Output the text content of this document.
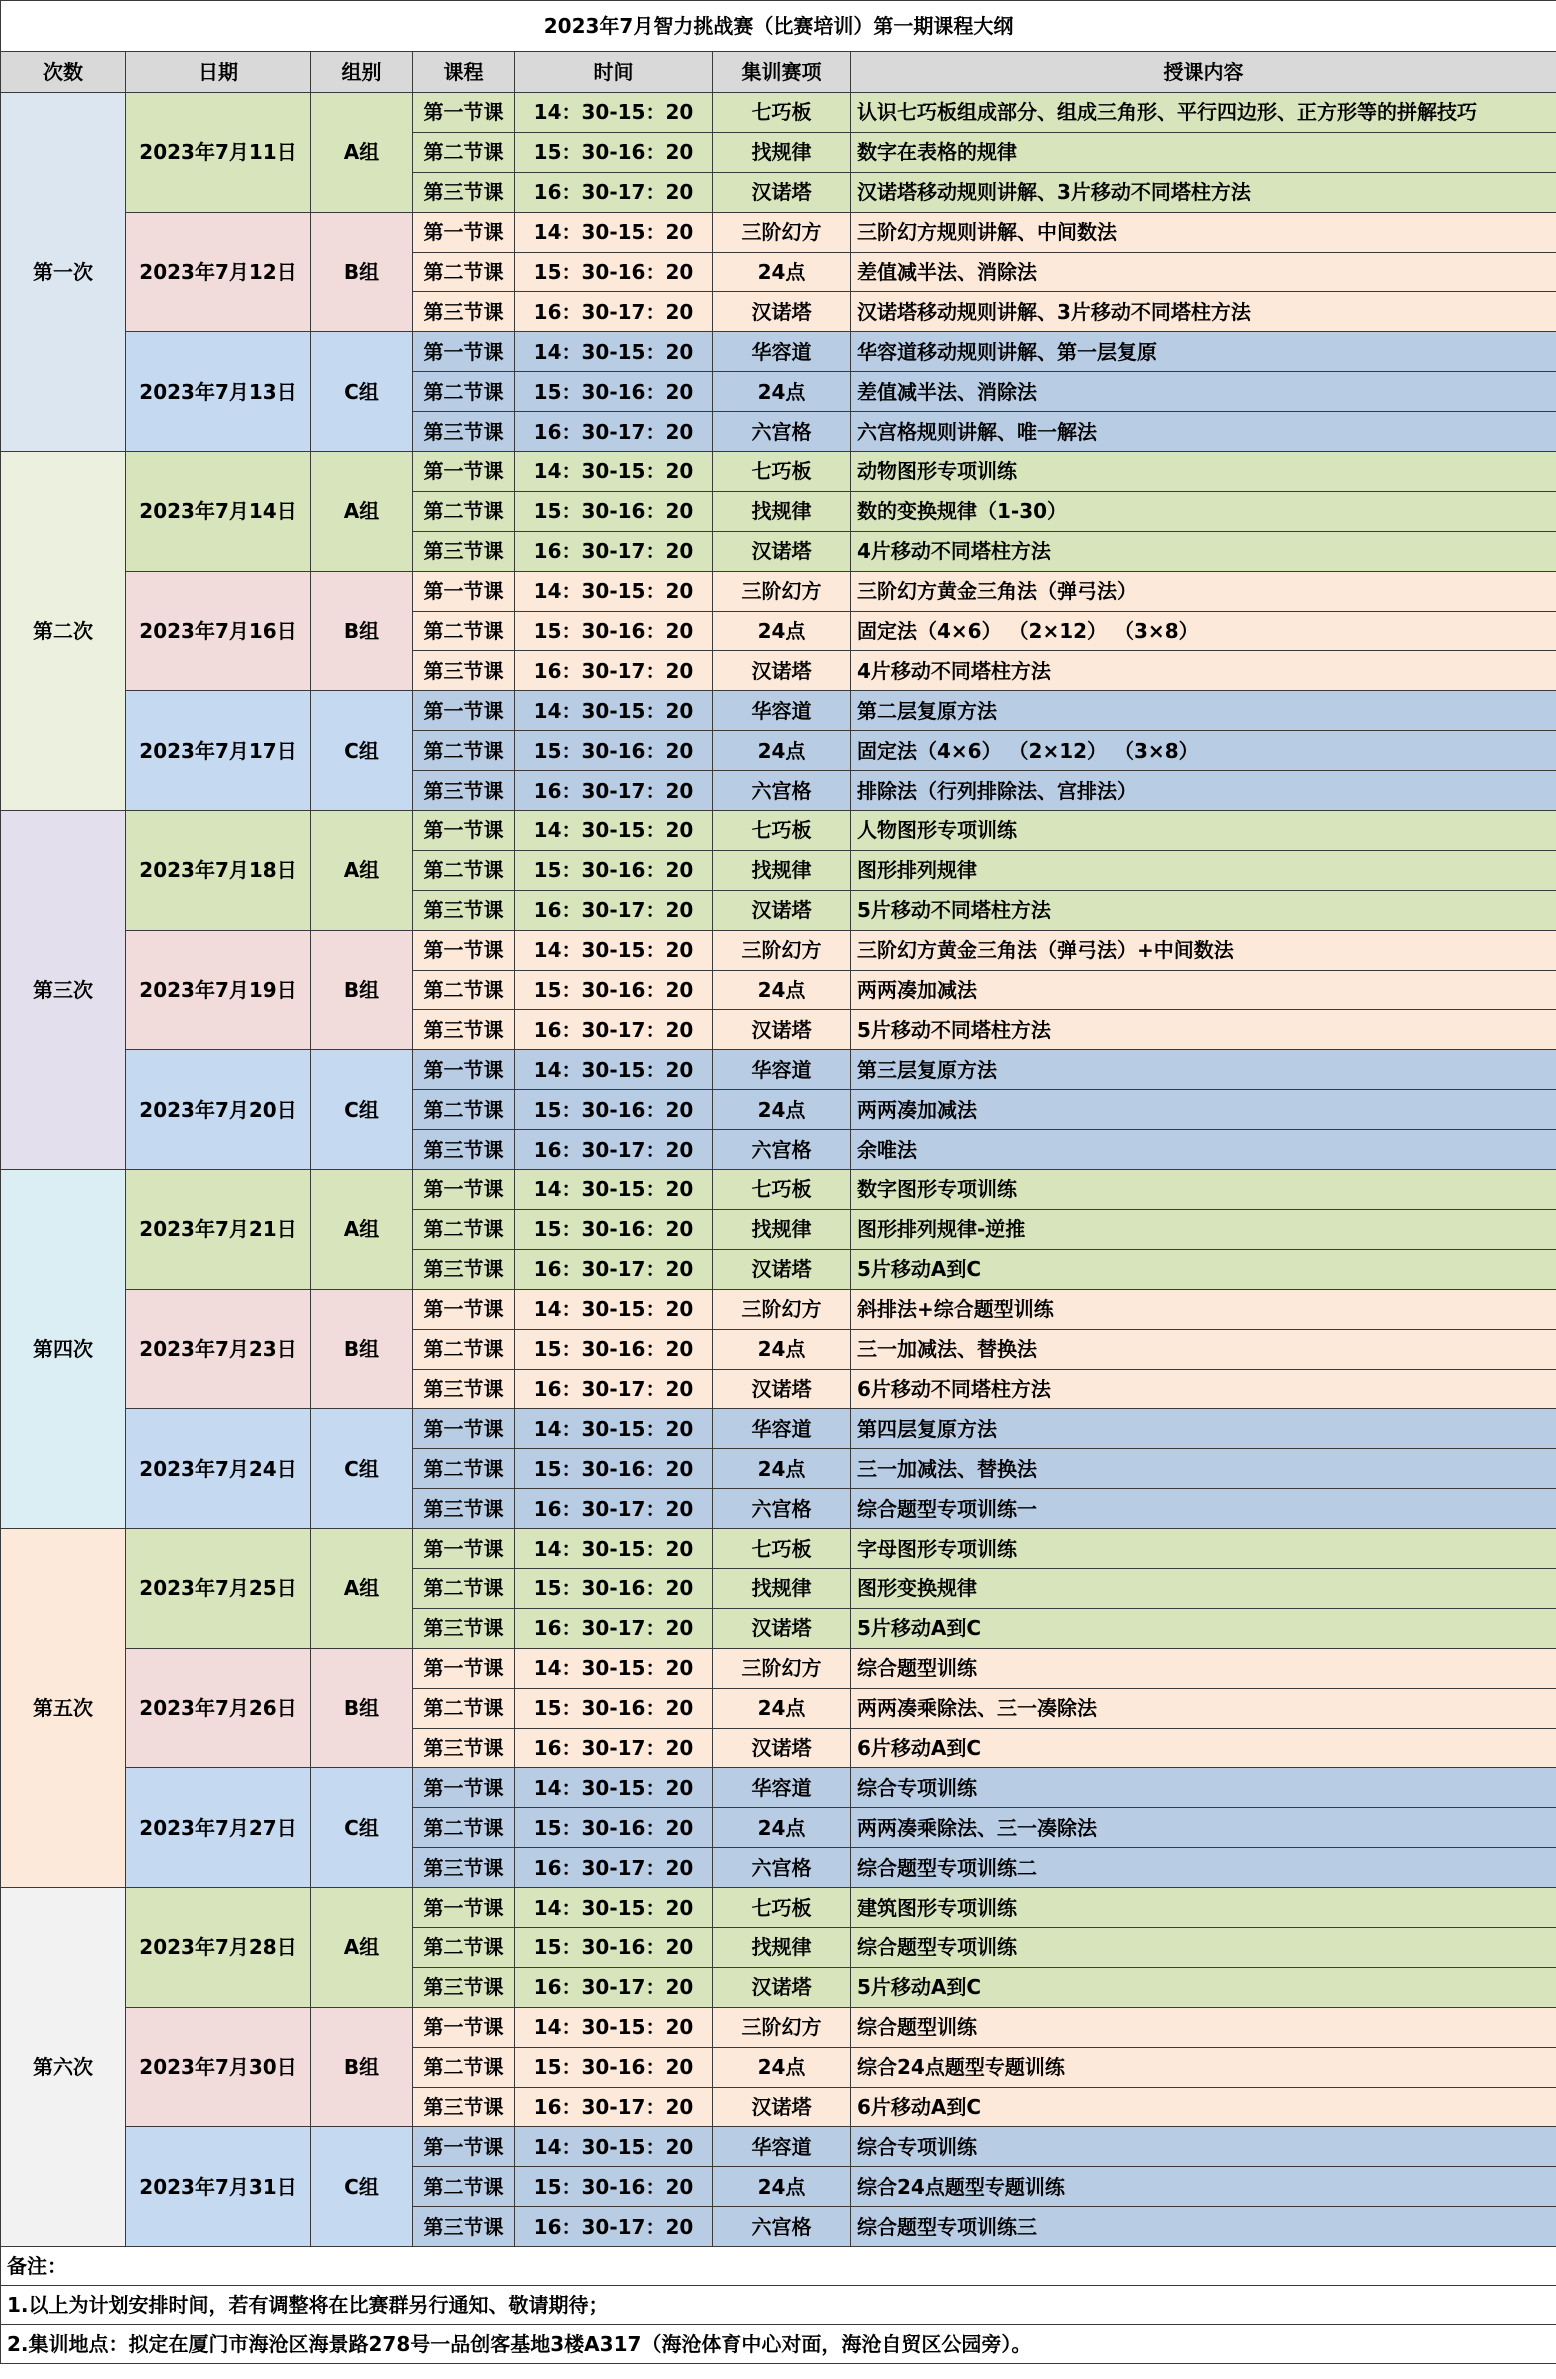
2023年7月智力挑战赛（比赛培训）第一期课程大纲						
次数	日期	组别	课程	时间	集训赛项	授课内容
第一次	2023年7月11日	A组	第一节课	14：30-15：20	七巧板	认识七巧板组成部分、组成三角形、平行四边形、正方形等的拼解技巧
			第二节课	15：30-16：20	找规律	数字在表格的规律
			第三节课	16：30-17：20	汉诺塔	汉诺塔移动规则讲解、3片移动不同塔柱方法
	2023年7月12日	B组	第一节课	14：30-15：20	三阶幻方	三阶幻方规则讲解、中间数法
			第二节课	15：30-16：20	24点	差值减半法、消除法
			第三节课	16：30-17：20	汉诺塔	汉诺塔移动规则讲解、3片移动不同塔柱方法
	2023年7月13日	C组	第一节课	14：30-15：20	华容道	华容道移动规则讲解、第一层复原
			第二节课	15：30-16：20	24点	差值减半法、消除法
			第三节课	16：30-17：20	六宫格	六宫格规则讲解、唯一解法
第二次	2023年7月14日	A组	第一节课	14：30-15：20	七巧板	动物图形专项训练
			第二节课	15：30-16：20	找规律	数的变换规律（1-30）
			第三节课	16：30-17：20	汉诺塔	4片移动不同塔柱方法
	2023年7月16日	B组	第一节课	14：30-15：20	三阶幻方	三阶幻方黄金三角法（弹弓法）
			第二节课	15：30-16：20	24点	固定法（4×6） （2×12） （3×8）
			第三节课	16：30-17：20	汉诺塔	4片移动不同塔柱方法
	2023年7月17日	C组	第一节课	14：30-15：20	华容道	第二层复原方法
			第二节课	15：30-16：20	24点	固定法（4×6） （2×12） （3×8）
			第三节课	16：30-17：20	六宫格	排除法（行列排除法、宫排法）
第三次	2023年7月18日	A组	第一节课	14：30-15：20	七巧板	人物图形专项训练
			第二节课	15：30-16：20	找规律	图形排列规律
			第三节课	16：30-17：20	汉诺塔	5片移动不同塔柱方法
	2023年7月19日	B组	第一节课	14：30-15：20	三阶幻方	三阶幻方黄金三角法（弹弓法）+中间数法
			第二节课	15：30-16：20	24点	两两凑加减法
			第三节课	16：30-17：20	汉诺塔	5片移动不同塔柱方法
	2023年7月20日	C组	第一节课	14：30-15：20	华容道	第三层复原方法
			第二节课	15：30-16：20	24点	两两凑加减法
			第三节课	16：30-17：20	六宫格	余唯法
第四次	2023年7月21日	A组	第一节课	14：30-15：20	七巧板	数字图形专项训练
			第二节课	15：30-16：20	找规律	图形排列规律-逆推
			第三节课	16：30-17：20	汉诺塔	5片移动A到C
	2023年7月23日	B组	第一节课	14：30-15：20	三阶幻方	斜排法+综合题型训练
			第二节课	15：30-16：20	24点	三一加减法、替换法
			第三节课	16：30-17：20	汉诺塔	6片移动不同塔柱方法
	2023年7月24日	C组	第一节课	14：30-15：20	华容道	第四层复原方法
			第二节课	15：30-16：20	24点	三一加减法、替换法
			第三节课	16：30-17：20	六宫格	综合题型专项训练一
第五次	2023年7月25日	A组	第一节课	14：30-15：20	七巧板	字母图形专项训练
			第二节课	15：30-16：20	找规律	图形变换规律
			第三节课	16：30-17：20	汉诺塔	5片移动A到C
	2023年7月26日	B组	第一节课	14：30-15：20	三阶幻方	综合题型训练
			第二节课	15：30-16：20	24点	两两凑乘除法、三一凑除法
			第三节课	16：30-17：20	汉诺塔	6片移动A到C
	2023年7月27日	C组	第一节课	14：30-15：20	华容道	综合专项训练
			第二节课	15：30-16：20	24点	两两凑乘除法、三一凑除法
			第三节课	16：30-17：20	六宫格	综合题型专项训练二
第六次	2023年7月28日	A组	第一节课	14：30-15：20	七巧板	建筑图形专项训练
			第二节课	15：30-16：20	找规律	综合题型专项训练
			第三节课	16：30-17：20	汉诺塔	5片移动A到C
	2023年7月30日	B组	第一节课	14：30-15：20	三阶幻方	综合题型训练
			第二节课	15：30-16：20	24点	综合24点题型专题训练
			第三节课	16：30-17：20	汉诺塔	6片移动A到C
	2023年7月31日	C组	第一节课	14：30-15：20	华容道	综合专项训练
			第二节课	15：30-16：20	24点	综合24点题型专题训练
			第三节课	16：30-17：20	六宫格	综合题型专项训练三
备注：						
1.以上为计划安排时间，若有调整将在比赛群另行通知、敬请期待；						
2.集训地点：拟定在厦门市海沧区海景路278号一品创客基地3楼A317（海沧体育中心对面，海沧自贸区公园旁）。						
